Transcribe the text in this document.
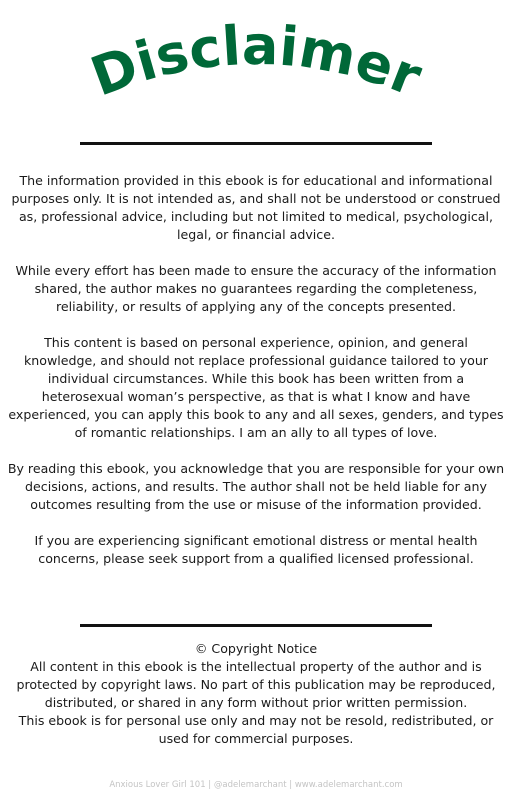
Disclaimer

The information provided in this ebook is for educational and informational purposes only. It is not intended as, and shall not be understood or construed as, professional advice, including but not limited to medical, psychological, legal, or financial advice.

While every effort has been made to ensure the accuracy of the information shared, the author makes no guarantees regarding the completeness, reliability, or results of applying any of the concepts presented.

This content is based on personal experience, opinion, and general knowledge, and should not replace professional guidance tailored to your individual circumstances. While this book has been written from a heterosexual woman’s perspective, as that is what I know and have experienced, you can apply this book to any and all sexes, genders, and types of romantic relationships. I am an ally to all types of love.

By reading this ebook, you acknowledge that you are responsible for your own decisions, actions, and results. The author shall not be held liable for any outcomes resulting from the use or misuse of the information provided.

If you are experiencing significant emotional distress or mental health concerns, please seek support from a qualified licensed professional.

© Copyright Notice

All content in this ebook is the intellectual property of the author and is protected by copyright laws. No part of this publication may be reproduced, distributed, or shared in any form without prior written permission.

This ebook is for personal use only and may not be resold, redistributed, or used for commercial purposes.

Anxious Lover Girl 101 | @adelemarchant | www.adelemarchant.com
